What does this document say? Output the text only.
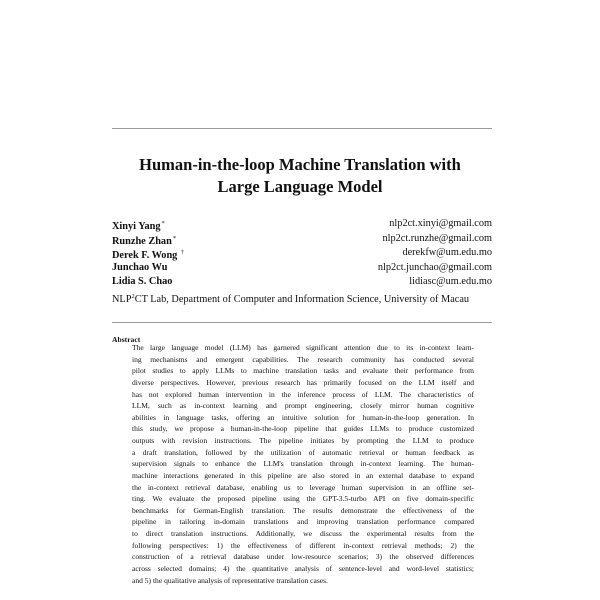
Human-in-the-loop Machine Translation with
Large Language Model
Xinyi Yang*	nlp2ct.xinyi@gmail.com
Runzhe Zhan*	nlp2ct.runzhe@gmail.com
Derek F. Wong †	derekfw@um.edu.mo
Junchao Wu	nlp2ct.junchao@gmail.com
Lidia S. Chao	lidiasc@um.edu.mo
NLP$^2$CT Lab, Department of Computer and Information Science, University of Macau
Abstract
The large language model (LLM) has garnered significant attention due to its in-context learn-
ing mechanisms and emergent capabilities. The research community has conducted several
pilot studies to apply LLMs to machine translation tasks and evaluate their performance from
diverse perspectives. However, previous research has primarily focused on the LLM itself and
has not explored human intervention in the inference process of LLM. The characteristics of
LLM, such as in-context learning and prompt engineering, closely mirror human cognitive
abilities in language tasks, offering an intuitive solution for human-in-the-loop generation. In
this study, we propose a human-in-the-loop pipeline that guides LLMs to produce customized
outputs with revision instructions. The pipeline initiates by prompting the LLM to produce
a draft translation, followed by the utilization of automatic retrieval or human feedback as
supervision signals to enhance the LLM's translation through in-context learning. The human-
machine interactions generated in this pipeline are also stored in an external database to expand
the in-context retrieval database, enabling us to leverage human supervision in an offline set-
ting. We evaluate the proposed pipeline using the GPT-3.5-turbo API on five domain-specific
benchmarks for German-English translation. The results demonstrate the effectiveness of the
pipeline in tailoring in-domain translations and improving translation performance compared
to direct translation instructions. Additionally, we discuss the experimental results from the
following perspectives: 1) the effectiveness of different in-context retrieval methods; 2) the
construction of a retrieval database under low-resource scenarios; 3) the observed differences
across selected domains; 4) the quantitative analysis of sentence-level and word-level statistics;
and 5) the qualitative analysis of representative translation cases.
